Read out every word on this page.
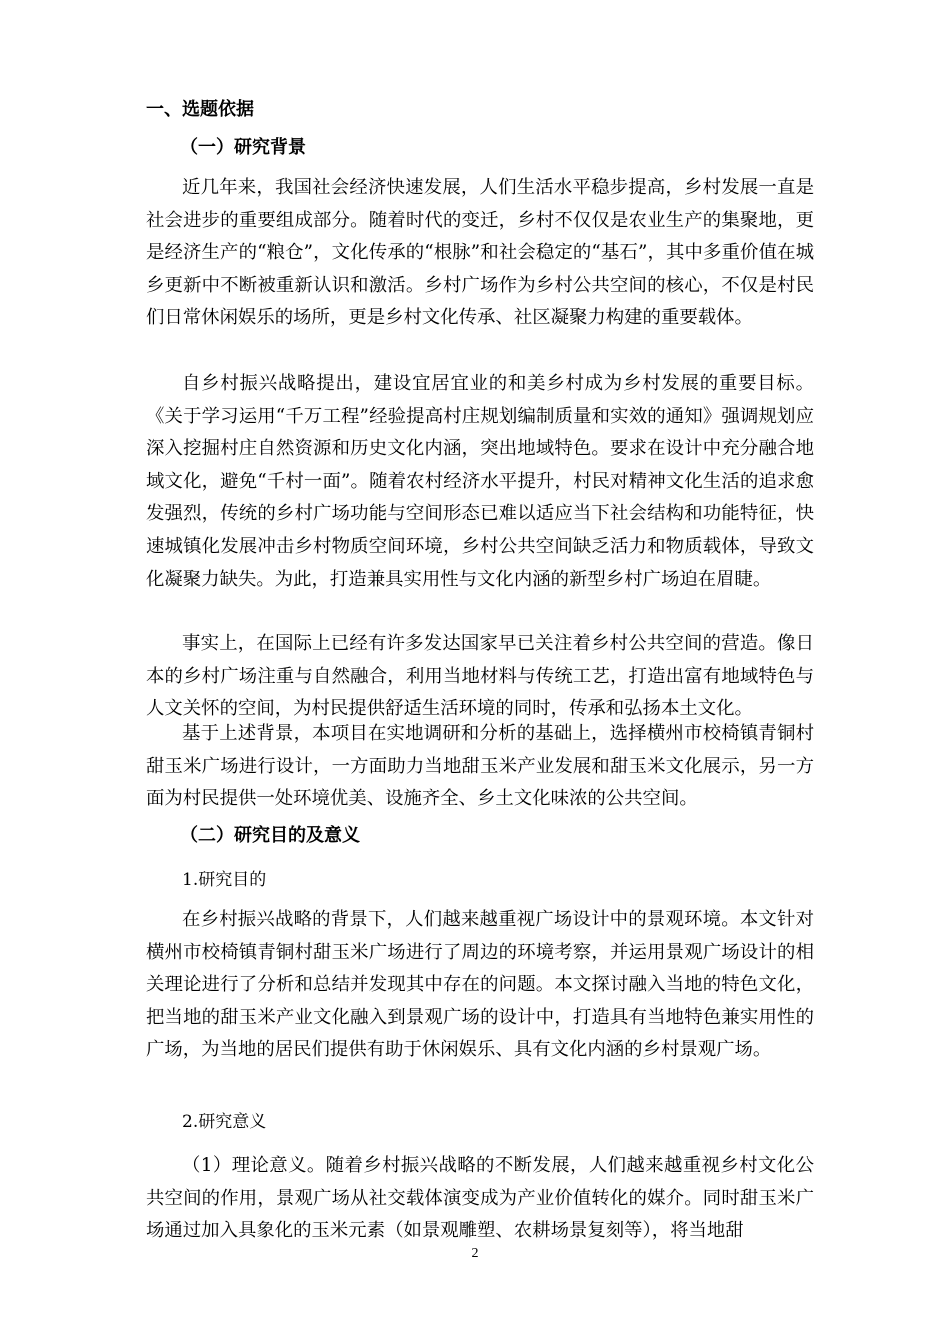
一、选题依据
（一）研究背景

近几年来，我国社会经济快速发展，人们生活水平稳步提高，乡村发展一直是社会进步的重要组成部分。随着时代的变迁，乡村不仅仅是农业生产的集聚地，更是经济生产的“粮仓”，文化传承的“根脉”和社会稳定的“基石”，其中多重价值在城乡更新中不断被重新认识和激活。乡村广场作为乡村公共空间的核心，不仅是村民们日常休闲娱乐的场所，更是乡村文化传承、社区凝聚力构建的重要载体。

自乡村振兴战略提出，建设宜居宜业的和美乡村成为乡村发展的重要目标。《关于学习运用“千万工程”经验提高村庄规划编制质量和实效的通知》强调规划应深入挖掘村庄自然资源和历史文化内涵，突出地域特色。要求在设计中充分融合地域文化，避免“千村一面”。随着农村经济水平提升，村民对精神文化生活的追求愈发强烈，传统的乡村广场功能与空间形态已难以适应当下社会结构和功能特征，快速城镇化发展冲击乡村物质空间环境，乡村公共空间缺乏活力和物质载体，导致文化凝聚力缺失。为此，打造兼具实用性与文化内涵的新型乡村广场迫在眉睫。

事实上，在国际上已经有许多发达国家早已关注着乡村公共空间的营造。像日本的乡村广场注重与自然融合，利用当地材料与传统工艺，打造出富有地域特色与人文关怀的空间，为村民提供舒适生活环境的同时，传承和弘扬本土文化。

基于上述背景，本项目在实地调研和分析的基础上，选择横州市校椅镇青铜村甜玉米广场进行设计，一方面助力当地甜玉米产业发展和甜玉米文化展示，另一方面为村民提供一处环境优美、设施齐全、乡土文化味浓的公共空间。

（二）研究目的及意义
1.研究目的

在乡村振兴战略的背景下，人们越来越重视广场设计中的景观环境。本文针对横州市校椅镇青铜村甜玉米广场进行了周边的环境考察，并运用景观广场设计的相关理论进行了分析和总结并发现其中存在的问题。本文探讨融入当地的特色文化，把当地的甜玉米产业文化融入到景观广场的设计中，打造具有当地特色兼实用性的广场，为当地的居民们提供有助于休闲娱乐、具有文化内涵的乡村景观广场。

2.研究意义

（1）理论意义。随着乡村振兴战略的不断发展，人们越来越重视乡村文化公共空间的作用，景观广场从社交载体演变成为产业价值转化的媒介。同时甜玉米广场通过加入具象化的玉米元素（如景观雕塑、农耕场景复刻等），将当地甜

2
